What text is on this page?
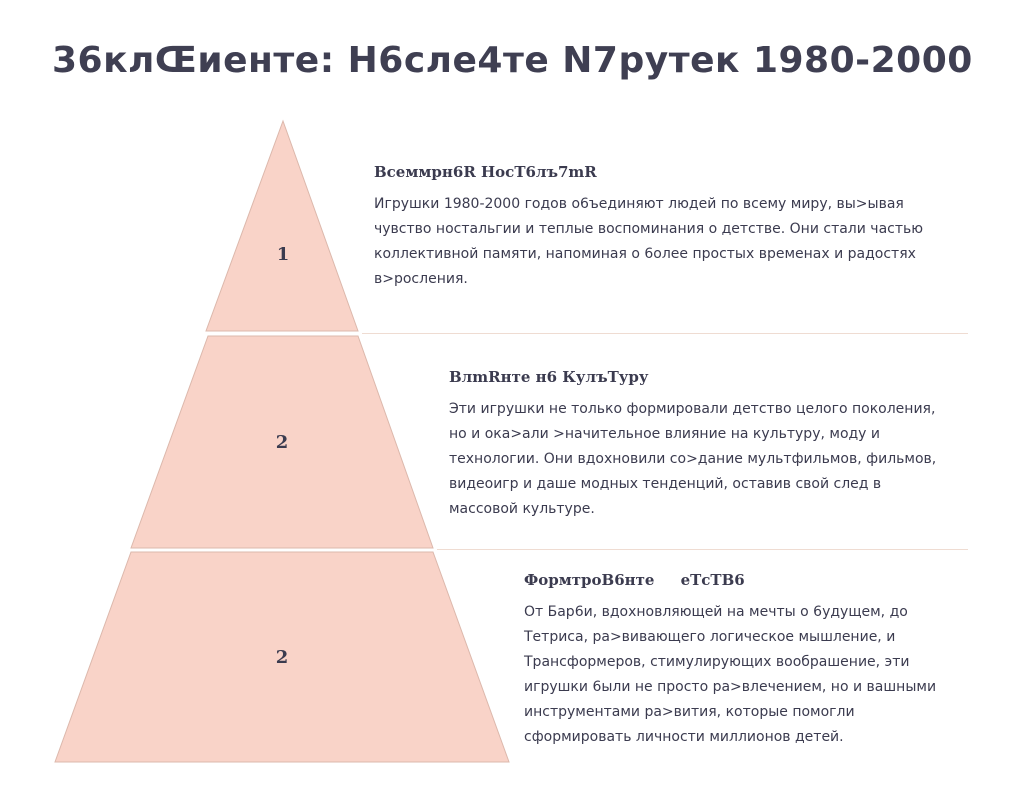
36клŒиенте: Н6сле4те N7рутек 1980-2000
1
2
2
Всеммрн6R НосТ6лъ7mR

Игрушки 1980-2000 годов о6ъединяют людей по всему миру, вы>ывая чувство ностальгии и теплые воспоминания о детстве. Они стали частью коллективной памяти, напоминая о 6олее простых временах и радостях в>росления.

ВлmRнте н6 КулъТуру

Эти игрушки не только формировали детство целого поколения, но и ока>али >начительное влияние на культуру, моду и технологии. Они вдохновили со>дание мультфильмов, фильмов, видеоигр и даше модных тенденций, оставив свой след в массовой культуре.

ФормтроВ6нте     еТсТВ6

От Бар6и, вдохновляющей на мечты о 6удущем, до Тетриса, ра>вивающего логическое мышление, и Трансформеров, стимулирующих вообрашение, эти игрушки 6ыли не просто ра>влечением, но и вашными инструментами ра>вития, которые помогли сформировать личности миллионов детей.
